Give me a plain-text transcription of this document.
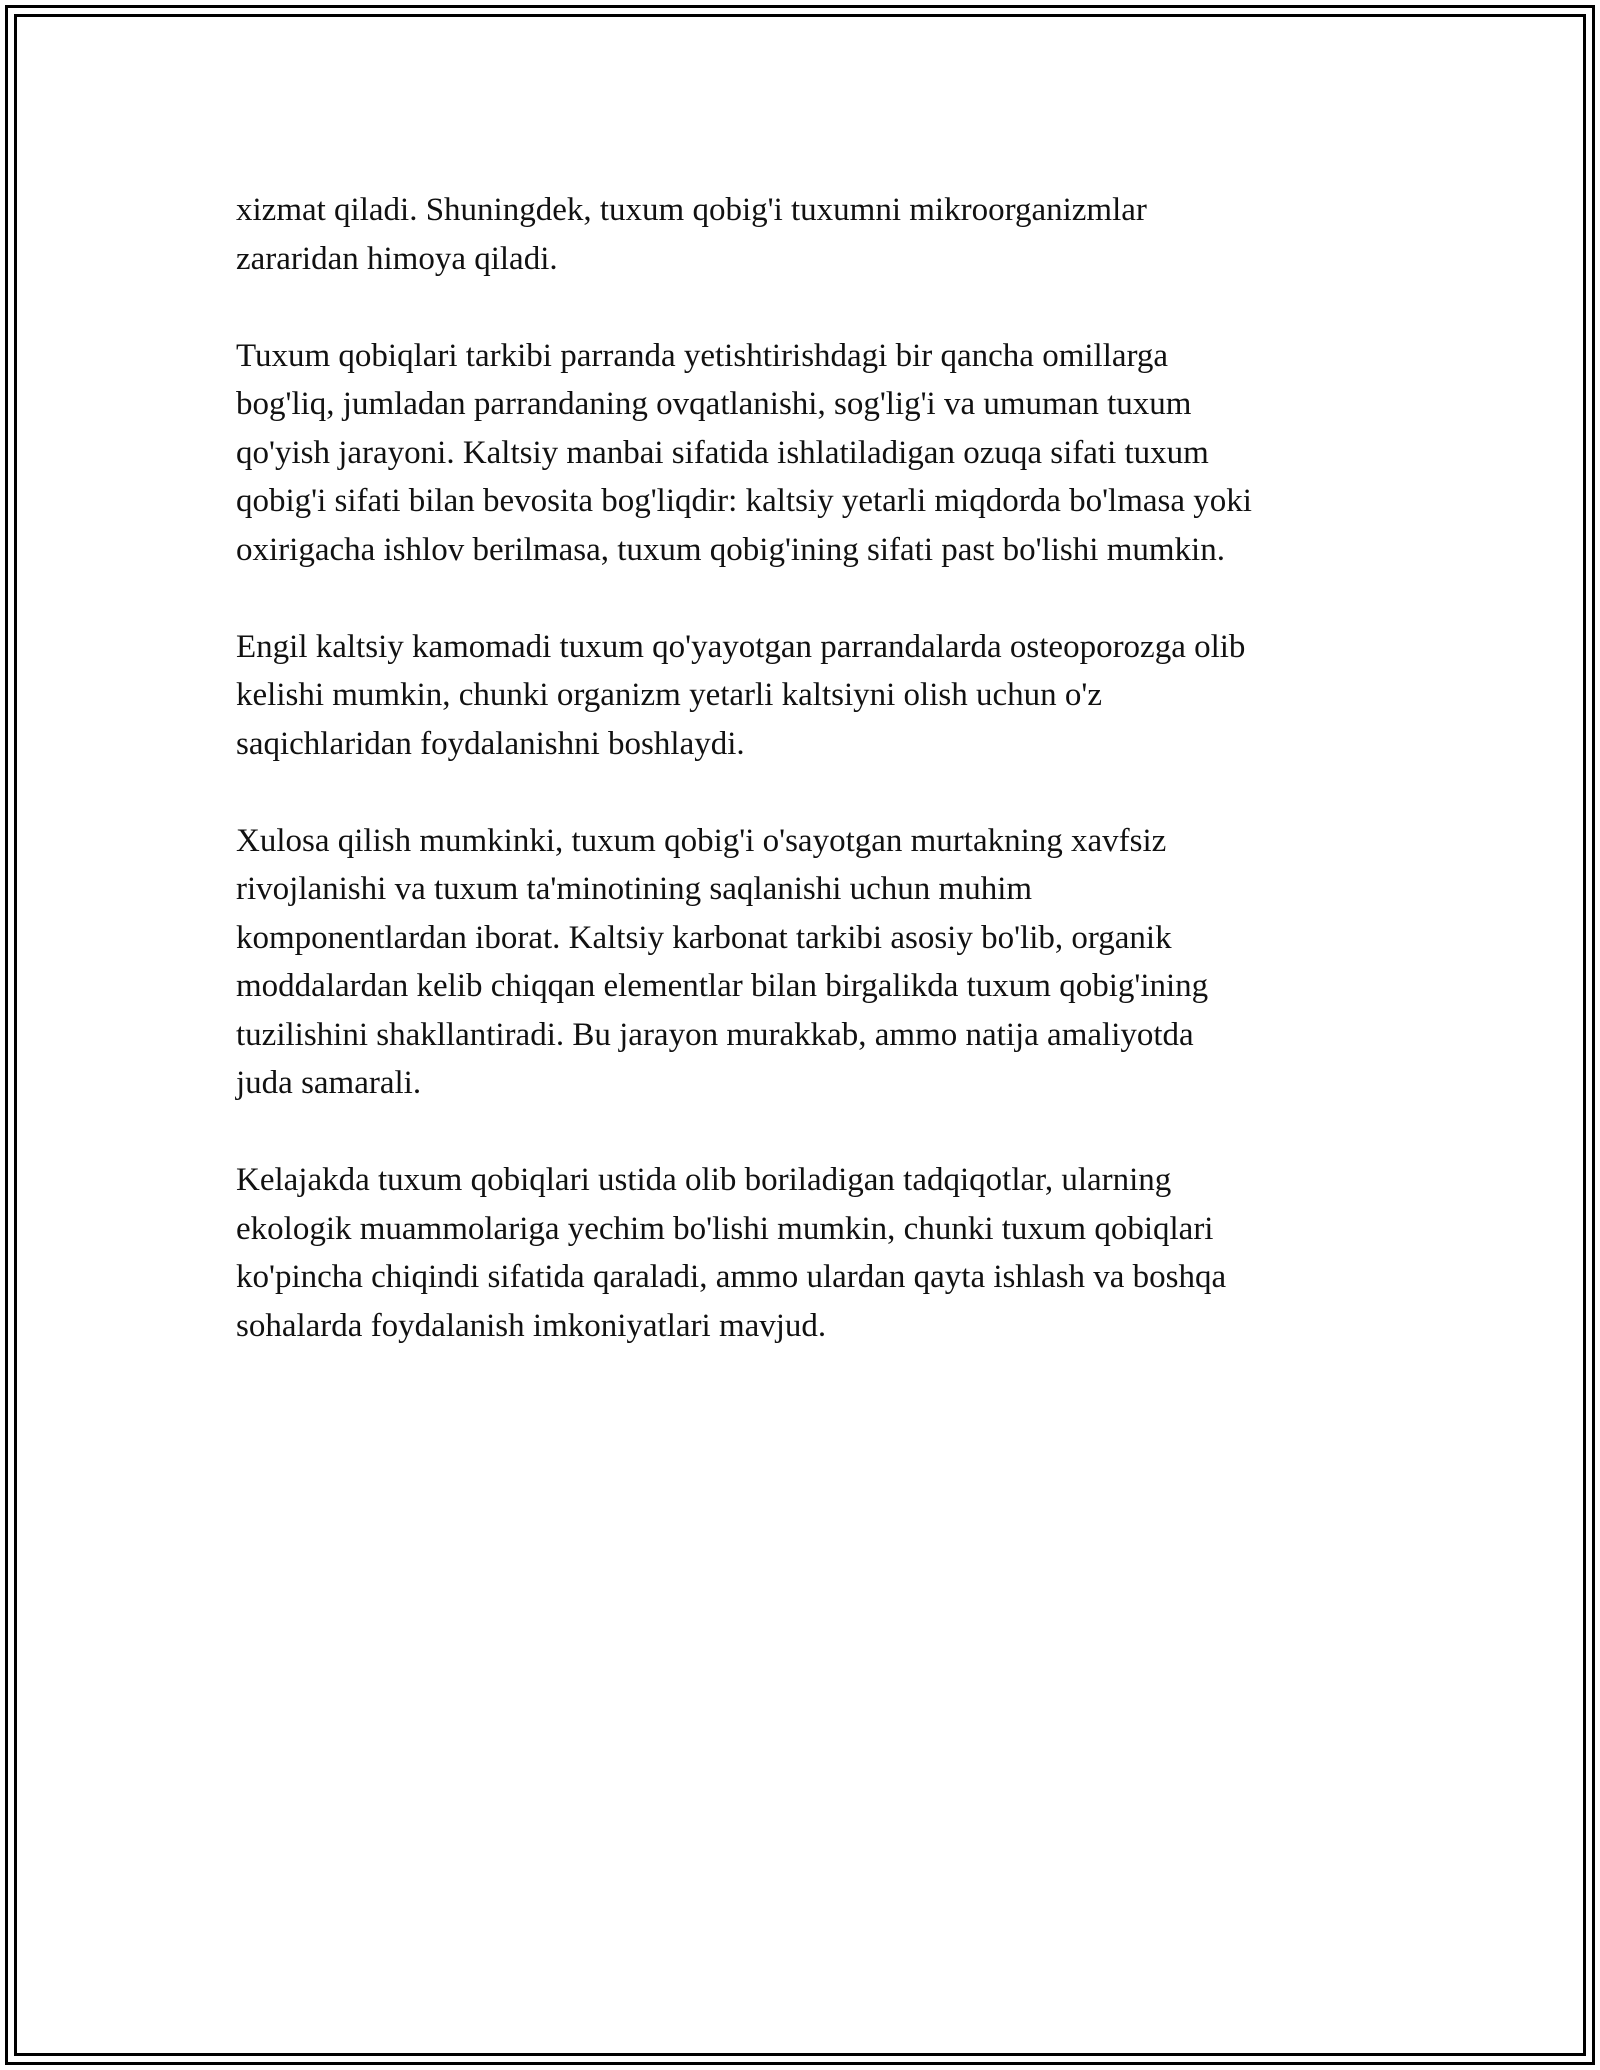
xizmat qiladi. Shuningdek, tuxum qobig'i tuxumni mikroorganizmlar
zararidan himoya qiladi.

Tuxum qobiqlari tarkibi parranda yetishtirishdagi bir qancha omillarga
bog'liq, jumladan parrandaning ovqatlanishi, sog'lig'i va umuman tuxum
qo'yish jarayoni. Kaltsiy manbai sifatida ishlatiladigan ozuqa sifati tuxum
qobig'i sifati bilan bevosita bog'liqdir: kaltsiy yetarli miqdorda bo'lmasa yoki
oxirigacha ishlov berilmasa, tuxum qobig'ining sifati past bo'lishi mumkin.

Engil kaltsiy kamomadi tuxum qo'yayotgan parrandalarda osteoporozga olib
kelishi mumkin, chunki organizm yetarli kaltsiyni olish uchun o'z
saqichlaridan foydalanishni boshlaydi.

Xulosa qilish mumkinki, tuxum qobig'i o'sayotgan murtakning xavfsiz
rivojlanishi va tuxum ta'minotining saqlanishi uchun muhim
komponentlardan iborat. Kaltsiy karbonat tarkibi asosiy bo'lib, organik
moddalardan kelib chiqqan elementlar bilan birgalikda tuxum qobig'ining
tuzilishini shakllantiradi. Bu jarayon murakkab, ammo natija amaliyotda
juda samarali.

Kelajakda tuxum qobiqlari ustida olib boriladigan tadqiqotlar, ularning
ekologik muammolariga yechim bo'lishi mumkin, chunki tuxum qobiqlari
ko'pincha chiqindi sifatida qaraladi, ammo ulardan qayta ishlash va boshqa
sohalarda foydalanish imkoniyatlari mavjud.
